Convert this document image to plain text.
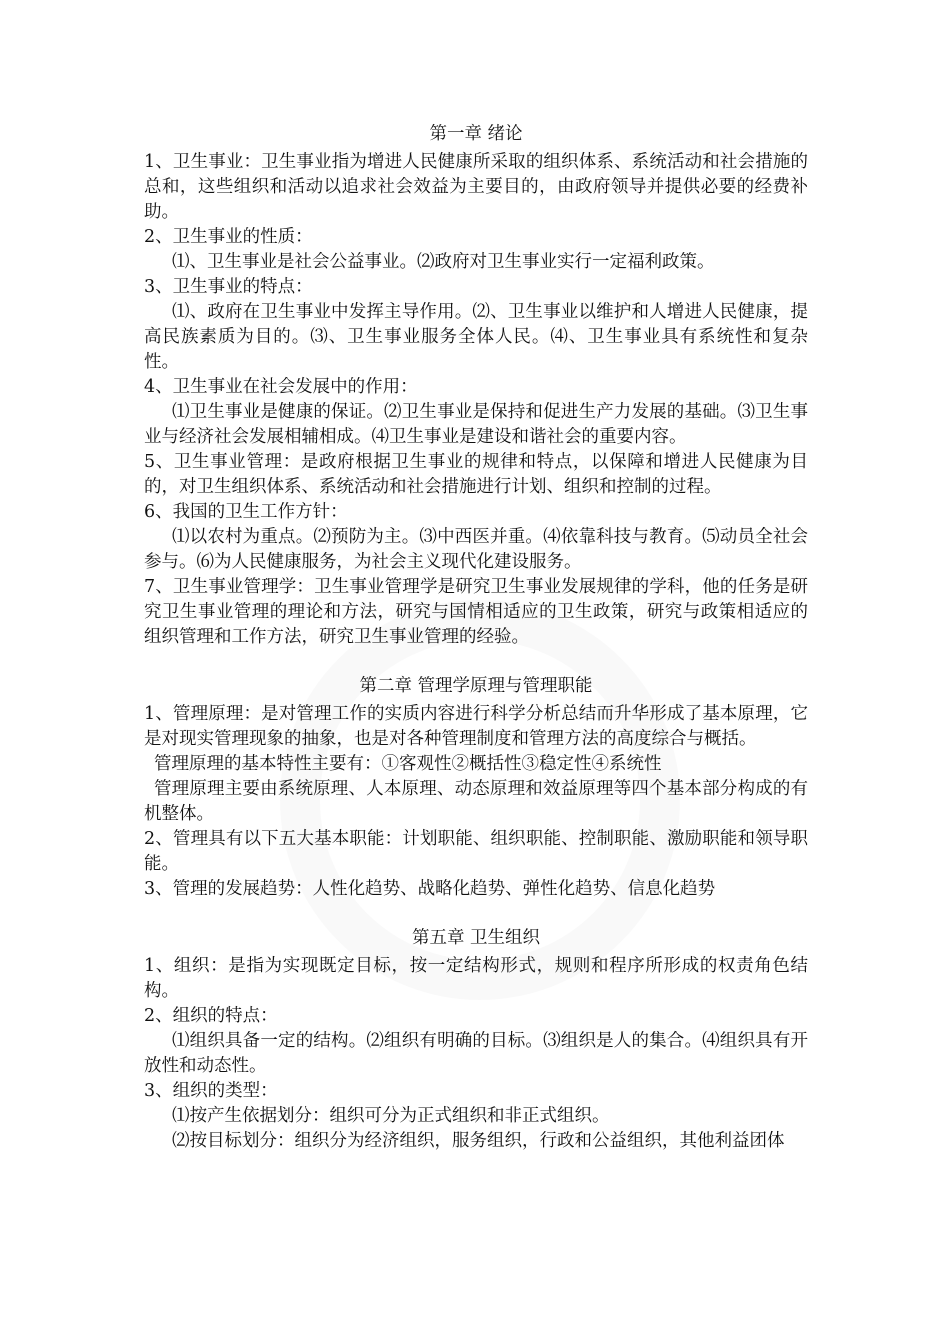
第一章 绪论

1、卫生事业：卫生事业指为增进人民健康所采取的组织体系、系统活动和社会措施的总和，这些组织和活动以追求社会效益为主要目的，由政府领导并提供必要的经费补助。

2、卫生事业的性质：

⑴、卫生事业是社会公益事业。⑵政府对卫生事业实行一定福利政策。

3、卫生事业的特点：

⑴、政府在卫生事业中发挥主导作用。⑵、卫生事业以维护和人增进人民健康，提高民族素质为目的。⑶、卫生事业服务全体人民。⑷、卫生事业具有系统性和复杂性。

4、卫生事业在社会发展中的作用：

⑴卫生事业是健康的保证。⑵卫生事业是保持和促进生产力发展的基础。⑶卫生事业与经济社会发展相辅相成。⑷卫生事业是建设和谐社会的重要内容。

5、卫生事业管理：是政府根据卫生事业的规律和特点，以保障和增进人民健康为目的，对卫生组织体系、系统活动和社会措施进行计划、组织和控制的过程。

6、我国的卫生工作方针：

⑴以农村为重点。⑵预防为主。⑶中西医并重。⑷依靠科技与教育。⑸动员全社会参与。⑹为人民健康服务，为社会主义现代化建设服务。

7、卫生事业管理学：卫生事业管理学是研究卫生事业发展规律的学科，他的任务是研究卫生事业管理的理论和方法，研究与国情相适应的卫生政策，研究与政策相适应的组织管理和工作方法，研究卫生事业管理的经验。

第二章 管理学原理与管理职能

1、管理原理：是对管理工作的实质内容进行科学分析总结而升华形成了基本原理，它是对现实管理现象的抽象，也是对各种管理制度和管理方法的高度综合与概括。

管理原理的基本特性主要有：①客观性②概括性③稳定性④系统性

管理原理主要由系统原理、人本原理、动态原理和效益原理等四个基本部分构成的有机整体。

2、管理具有以下五大基本职能：计划职能、组织职能、控制职能、激励职能和领导职能。

3、管理的发展趋势：人性化趋势、战略化趋势、弹性化趋势、信息化趋势

第五章 卫生组织

1、组织：是指为实现既定目标，按一定结构形式，规则和程序所形成的权责角色结构。

2、组织的特点：

⑴组织具备一定的结构。⑵组织有明确的目标。⑶组织是人的集合。⑷组织具有开放性和动态性。

3、组织的类型：

⑴按产生依据划分：组织可分为正式组织和非正式组织。

⑵按目标划分：组织分为经济组织，服务组织，行政和公益组织，其他利益团体
